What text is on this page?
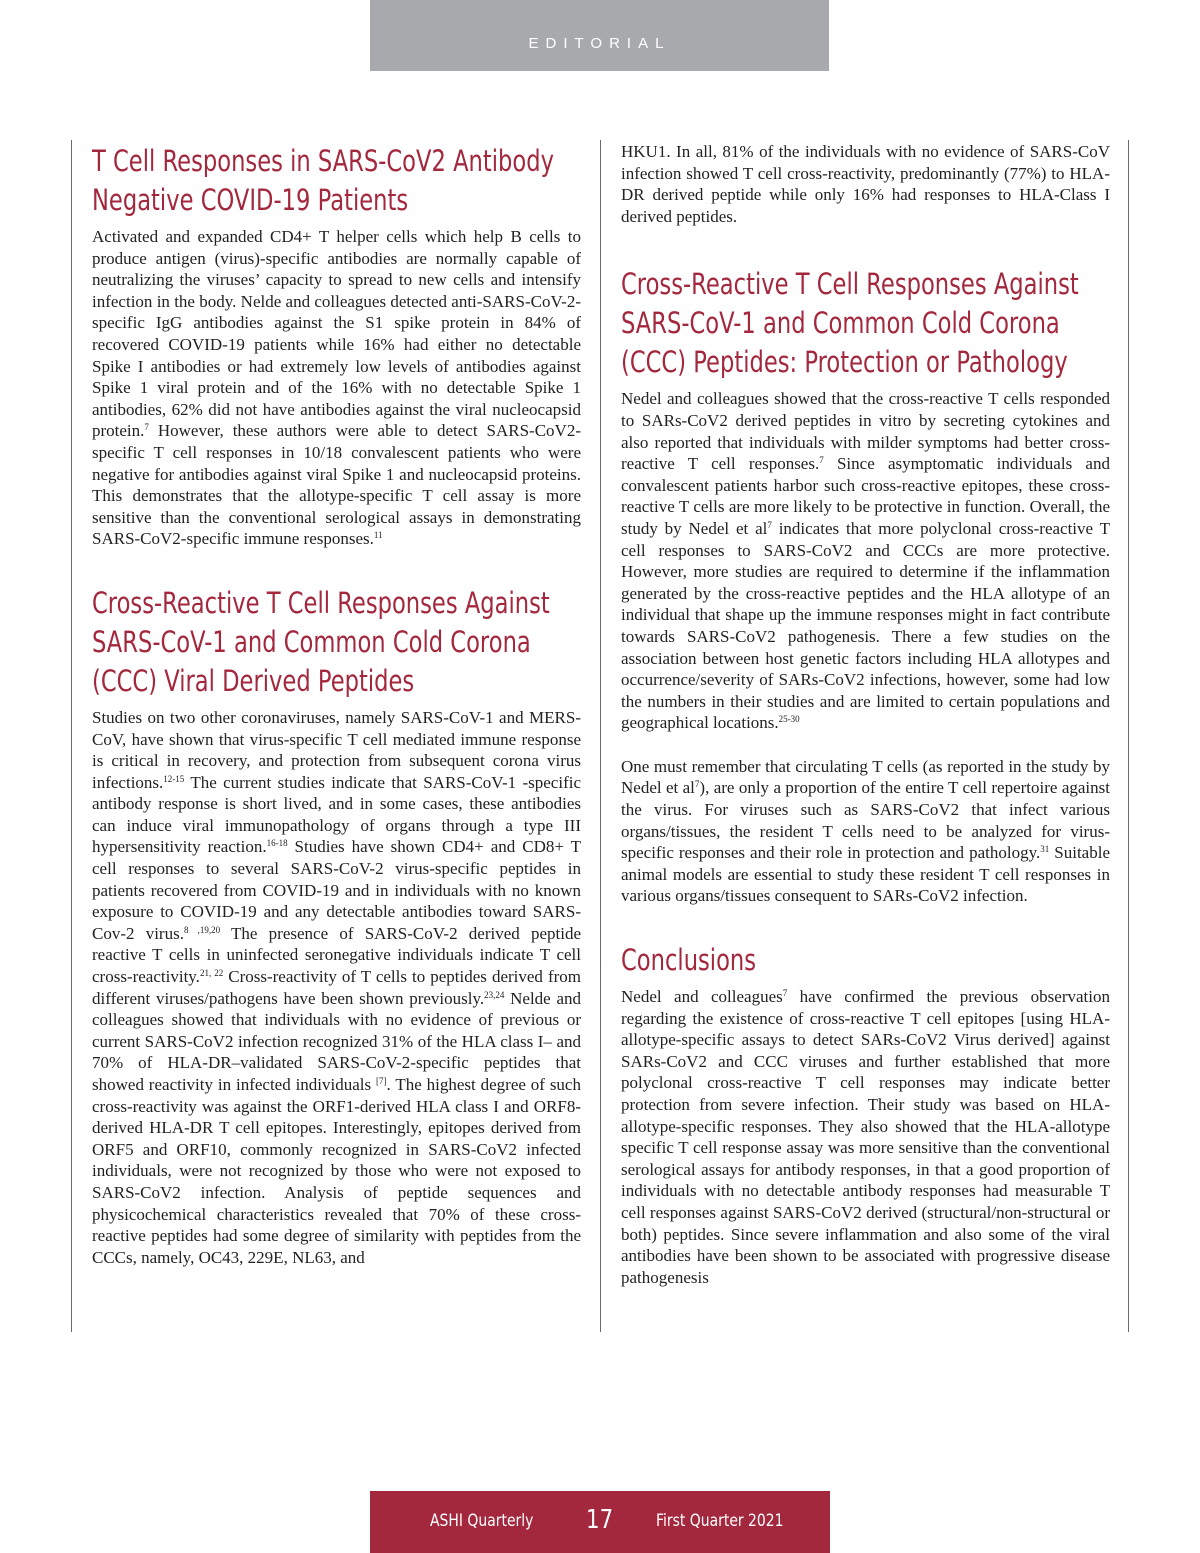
EDITORIAL
T Cell Responses in SARS-CoV2 Antibody Negative COVID-19 Patients

Activated and expanded CD4+ T helper cells which help B cells to produce antigen (virus)-specific antibodies are normally capable of neutralizing the viruses’ capacity to spread to new cells and intensify infection in the body. Nelde and colleagues detected anti-SARS-CoV-2-specific IgG antibodies against the S1 spike protein in 84% of recovered COVID-19 patients while 16% had either no detectable Spike I antibodies or had extremely low levels of antibodies against Spike 1 viral protein and of the 16% with no detectable Spike 1 antibodies, 62% did not have antibodies against the viral nucleocapsid protein.$^7$ However, these authors were able to detect SARS-CoV2-specific T cell responses in 10/18 convalescent patients who were negative for antibodies against viral Spike 1 and nucleocapsid proteins. This demonstrates that the allotype-specific T cell assay is more sensitive than the conventional serological assays in demonstrating SARS-CoV2-specific immune responses.$^{11}$

Cross-Reactive T Cell Responses Against SARS-CoV-1 and Common Cold Corona (CCC) Viral Derived Peptides

Studies on two other coronaviruses, namely SARS-CoV-1 and MERS-CoV, have shown that virus-specific T cell mediated immune response is critical in recovery, and protection from subsequent corona virus infections.$^{12-15}$ The current studies indicate that SARS-CoV-1 -specific antibody response is short lived, and in some cases, these antibodies can induce viral immunopathology of organs through a type III hypersensitivity reaction.$^{16-18}$ Studies have shown CD4+ and CD8+ T cell responses to several SARS-CoV-2 virus-specific peptides in patients recovered from COVID-19 and in individuals with no known exposure to COVID-19 and any detectable antibodies toward SARS-Cov-2 virus.$^{8 ,19,20}$ The presence of SARS-CoV-2 derived peptide reactive T cells in uninfected seronegative individuals indicate T cell cross-reactivity.$^{21, 22}$ Cross-reactivity of T cells to peptides derived from different viruses/pathogens have been shown previously.$^{23,24}$ Nelde and colleagues showed that individuals with no evidence of previous or current SARS-CoV2 infection recognized 31% of the HLA class I– and 70% of HLA-DR–validated SARS-CoV-2-specific peptides that showed reactivity in infected individuals [7]. The highest degree of such cross-reactivity was against the ORF1-derived HLA class I and ORF8-derived HLA-DR T cell epitopes. Interestingly, epitopes derived from ORF5 and ORF10, commonly recognized in SARS-CoV2 infected individuals, were not recognized by those who were not exposed to SARS-CoV2 infection. Analysis of peptide sequences and physicochemical characteristics revealed that 70% of these cross-reactive peptides had some degree of similarity with peptides from the CCCs, namely, OC43, 229E, NL63, and

HKU1. In all, 81% of the individuals with no evidence of SARS-CoV infection showed T cell cross-reactivity, predominantly (77%) to HLA-DR derived peptide while only 16% had responses to HLA-Class I derived peptides.

Cross-Reactive T Cell Responses Against SARS-CoV-1 and Common Cold Corona (CCC) Peptides: Protection or Pathology

Nedel and colleagues showed that the cross-reactive T cells responded to SARs-CoV2 derived peptides in vitro by secreting cytokines and also reported that individuals with milder symptoms had better cross-reactive T cell responses.$^7$ Since asymptomatic individuals and convalescent patients harbor such cross-reactive epitopes, these cross-reactive T cells are more likely to be protective in function. Overall, the study by Nedel et $al^7$ indicates that more polyclonal cross-reactive T cell responses to SARS-CoV2 and CCCs are more protective. However, more studies are required to determine if the inflammation generated by the cross-reactive peptides and the HLA allotype of an individual that shape up the immune responses might in fact contribute towards SARS-CoV2 pathogenesis. There a few studies on the association between host genetic factors including HLA allotypes and occurrence/severity of SARs-CoV2 infections, however, some had low the numbers in their studies and are limited to certain populations and geographical locations.$^{25-30}$

One must remember that circulating T cells (as reported in the study by Nedel et $al^7$), are only a proportion of the entire T cell repertoire against the virus. For viruses such as SARS-CoV2 that infect various organs/tissues, the resident T cells need to be analyzed for virus-specific responses and their role in protection and pathology.$^{31}$ Suitable animal models are essential to study these resident T cell responses in various organs/tissues consequent to SARs-CoV2 infection.

Conclusions

Nedel and colleagues$^7$ have confirmed the previous observation regarding the existence of cross-reactive T cell epitopes [using HLA-allotype-specific assays to detect SARs-CoV2 Virus derived] against SARs-CoV2 and CCC viruses and further established that more polyclonal cross-reactive T cell responses may indicate better protection from severe infection. Their study was based on HLA-allotype-specific responses. They also showed that the HLA-allotype specific T cell response assay was more sensitive than the conventional serological assays for antibody responses, in that a good proportion of individuals with no detectable antibody responses had measurable T cell responses against SARS-CoV2 derived (structural/non-structural or both) peptides. Since severe inflammation and also some of the viral antibodies have been shown to be associated with progressive disease pathogenesis

ASHI Quarterly 17	First Quarter 2021
